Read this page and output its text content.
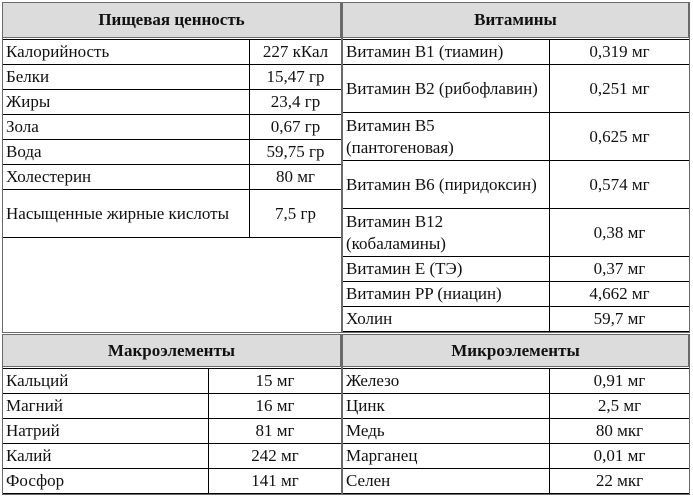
Пищевая ценность
Калорийность	227 кКал
Белки	15,47 гр
Жиры	23,4 гр
Зола	0,67 гр
Вода	59,75 гр
Холестерин	80 мг
Насыщенные жирные кислоты	7,5 гр
Витамины
Витамин B1 (тиамин)	0,319 мг
Витамин B2 (рибофлавин)	0,251 мг
Витамин B5 (пантогеновая)	0,625 мг
Витамин B6 (пиридоксин)	0,574 мг
Витамин B12 (кобаламины)	0,38 мг
Витамин E (ТЭ)	0,37 мг
Витамин PP (ниацин)	4,662 мг
Холин	59,7 мг
Макроэлементы
Кальций	15 мг
Магний	16 мг
Натрий	81 мг
Калий	242 мг
Фосфор	141 мг
Микроэлементы
Железо	0,91 мг
Цинк	2,5 мг
Медь	80 мкг
Марганец	0,01 мг
Селен	22 мкг
